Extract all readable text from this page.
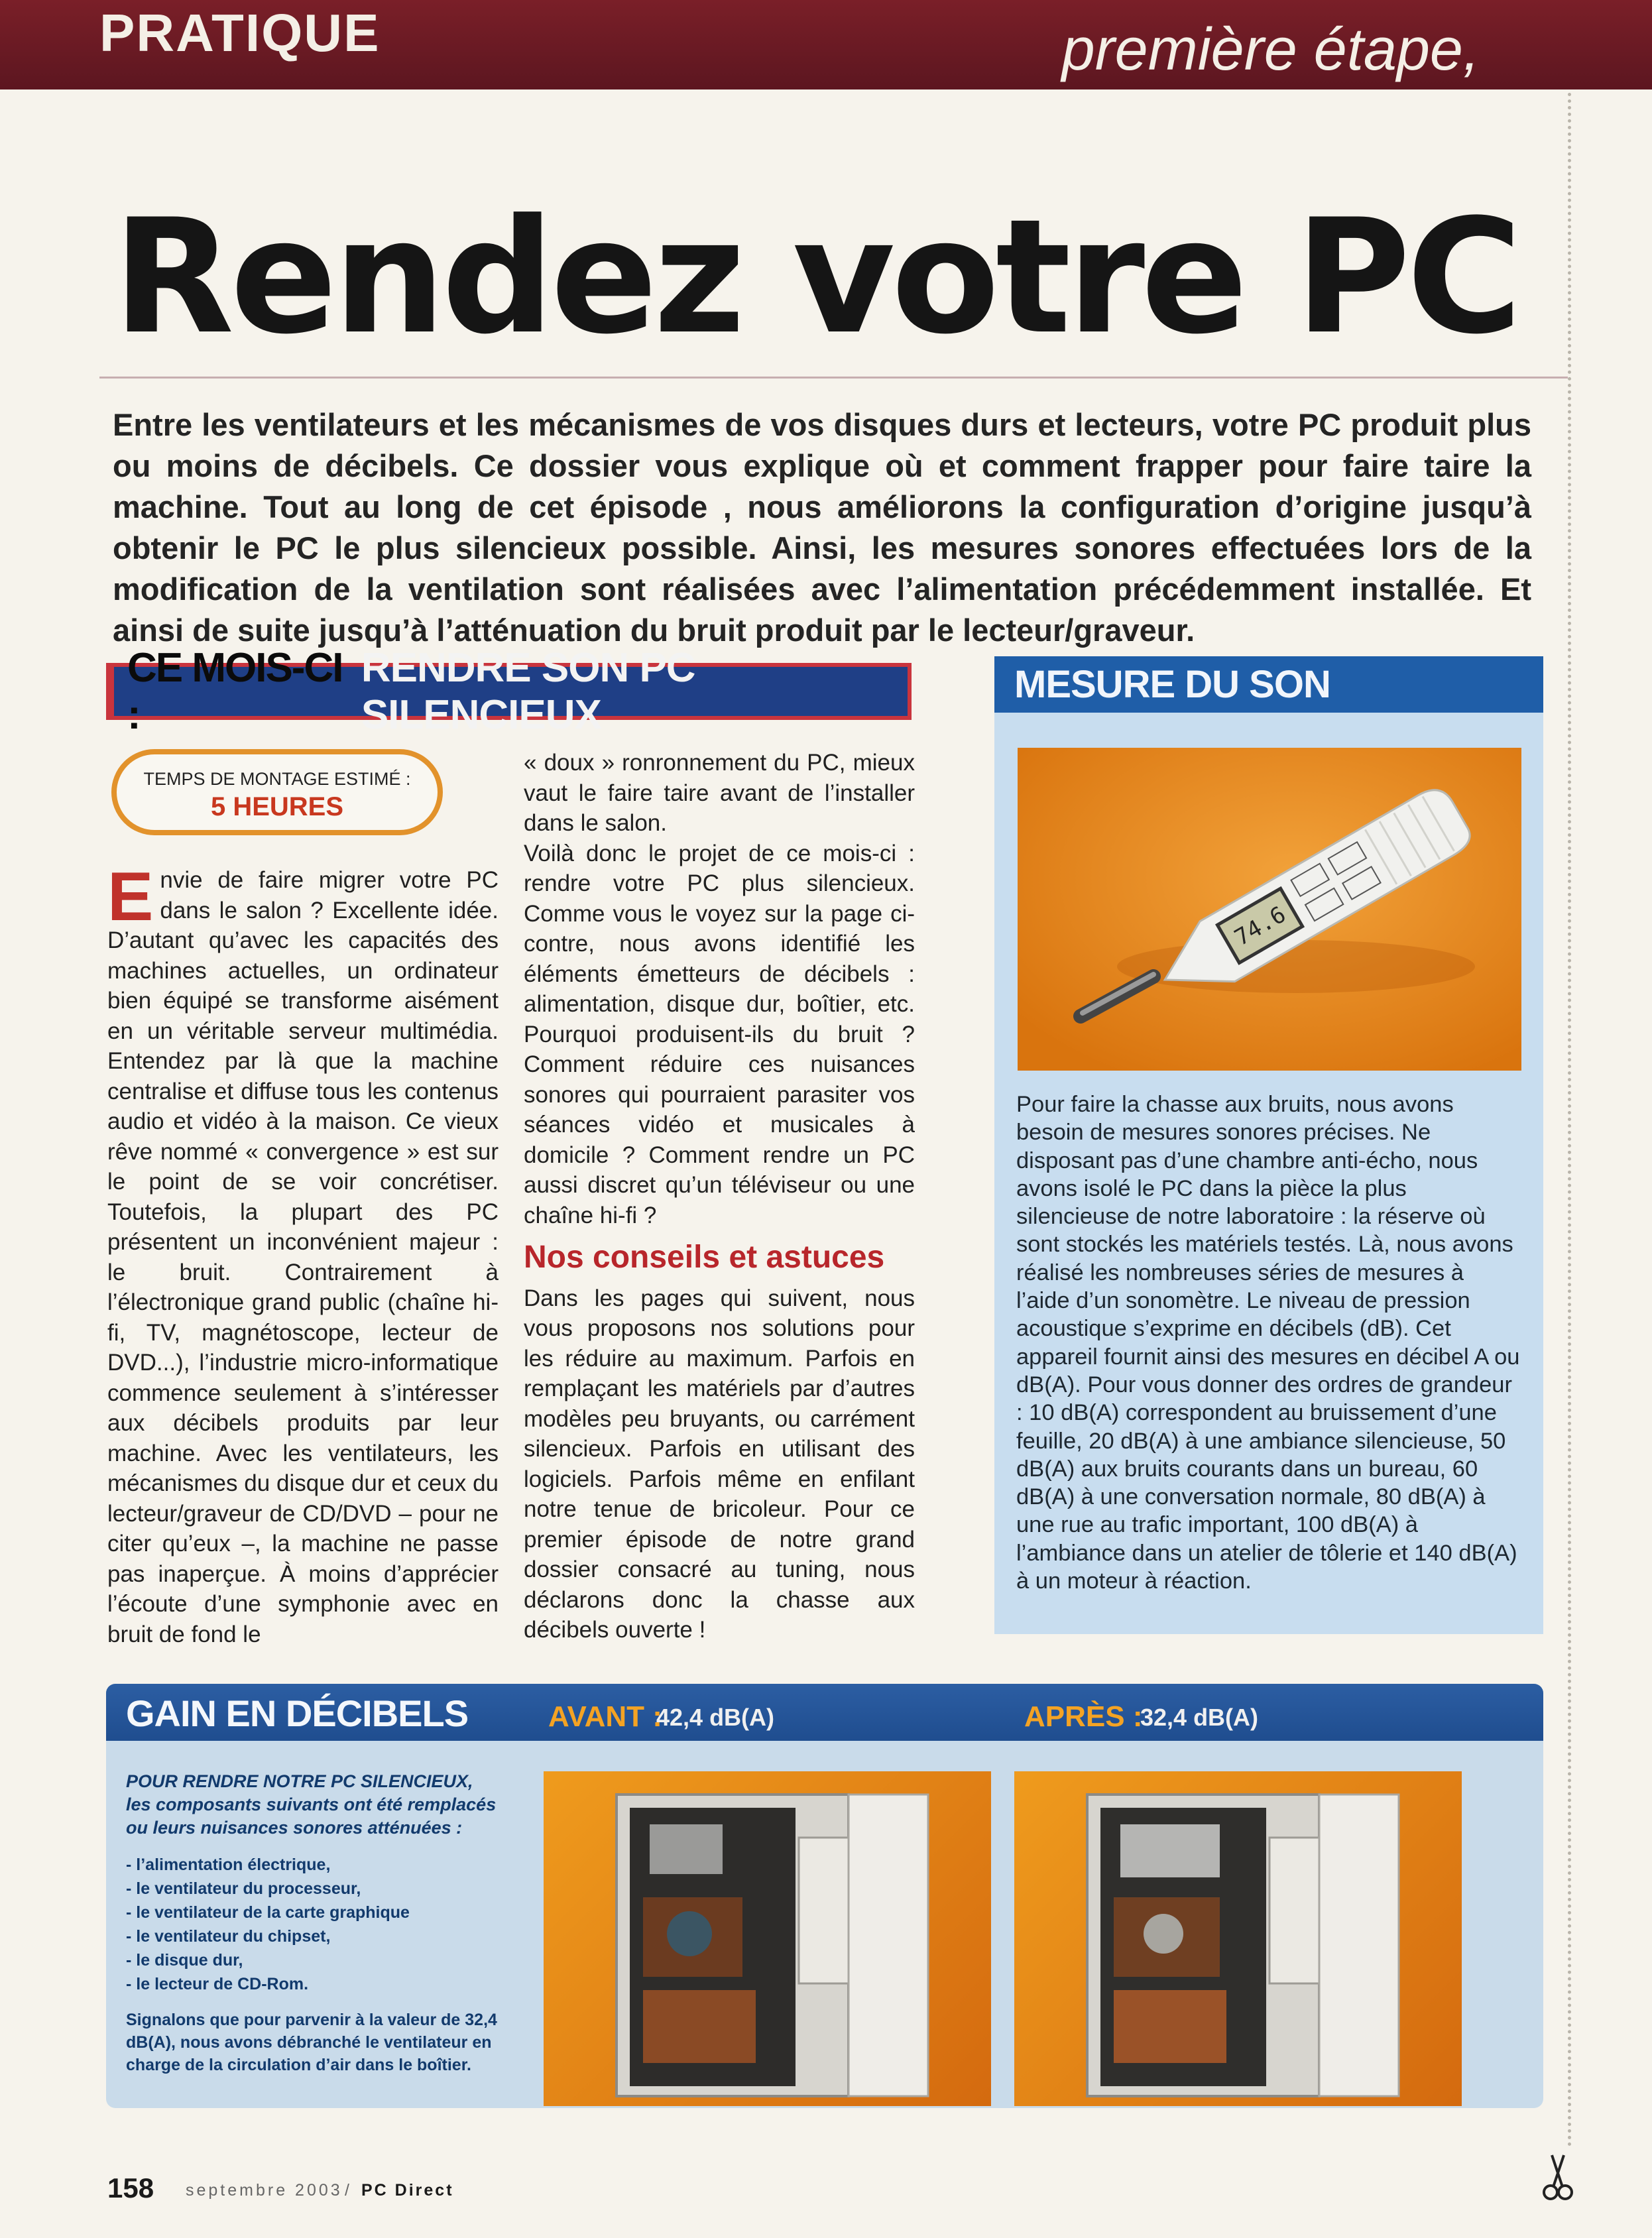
PRATIQUE	première étape,
Rendez votre PC
Entre les ventilateurs et les mécanismes de vos disques durs et lecteurs, votre PC produit plus ou moins de décibels. Ce dossier vous explique où et comment frapper pour faire taire la machine. Tout au long de cet épisode , nous améliorons la configuration d’origine jusqu’à obtenir le PC le plus silencieux possible. Ainsi, les mesures sonores effectuées lors de la modification de la ventilation sont réalisées avec l’alimentation précédemment installée. Et ainsi de suite jusqu’à l’atténuation du bruit produit par le lecteur/graveur.
CE MOIS-CI :
RENDRE SON PC SILENCIEUX
TEMPS DE MONTAGE ESTIMÉ :
5 HEURES
E nvie de faire migrer votre PC dans le salon ? Excellente idée. D’autant qu’avec les capacités des machines actuelles, un ordinateur bien équipé se transforme aisément en un véritable serveur multimédia. Entendez par là que la machine centralise et diffuse tous les contenus audio et vidéo à la maison. Ce vieux rêve nommé « convergence » est sur le point de se voir concrétiser. Toutefois, la plupart des PC présentent un inconvénient majeur : le bruit. Contrairement à l’électronique grand public (chaîne hi-fi, TV, magnétoscope, lecteur de DVD...), l’industrie micro-informatique commence seulement à s’intéresser aux décibels produits par leur machine. Avec les ventilateurs, les mécanismes du disque dur et ceux du lecteur/graveur de CD/DVD – pour ne citer qu’eux –, la machine ne passe pas inaperçue. À moins d’apprécier l’écoute d’une symphonie avec en bruit de fond le
« doux » ronronnement du PC, mieux vaut le faire taire avant de l’installer dans le salon.
Voilà donc le projet de ce mois-ci : rendre votre PC plus silencieux. Comme vous le voyez sur la page ci-contre, nous avons identifié les éléments émetteurs de décibels : alimentation, disque dur, boîtier, etc. Pourquoi produisent-ils du bruit ? Comment réduire ces nuisances sonores qui pourraient parasiter vos séances vidéo et musicales à domicile ? Comment rendre un PC aussi discret qu’un téléviseur ou une chaîne hi-fi ?
Nos conseils et astuces
Dans les pages qui suivent, nous vous proposons nos solutions pour les réduire au maximum. Parfois en remplaçant les matériels par d’autres modèles peu bruyants, ou carrément silencieux. Parfois en utilisant des logiciels. Parfois même en enfilant notre tenue de bricoleur. Pour ce premier épisode de notre grand dossier consacré au tuning, nous déclarons donc la chasse aux décibels ouverte !
MESURE DU SON
74.6
Pour faire la chasse aux bruits, nous avons besoin de mesures sonores précises. Ne disposant pas d’une chambre anti-écho, nous avons isolé le PC dans la pièce la plus silencieuse de notre laboratoire : la réserve où sont stockés les matériels testés. Là, nous avons réalisé les nombreuses séries de mesures à l’aide d’un sonomètre. Le niveau de pression acoustique s’exprime en décibels (dB). Cet appareil fournit ainsi des mesures en décibel A ou dB(A). Pour vous donner des ordres de grandeur : 10 dB(A) correspondent au bruissement d’une feuille, 20 dB(A) à une ambiance silencieuse, 50 dB(A) aux bruits courants dans un bureau, 60 dB(A) à une conversation normale, 80 dB(A) à une rue au trafic important, 100 dB(A) à l’ambiance dans un atelier de tôlerie et 140 dB(A) à un moteur à réaction.
GAIN EN DÉCIBELS	AVANT :
42,4 dB(A)	APRÈS :
32,4 dB(A)
POUR RENDRE NOTRE PC SILENCIEUX, les composants suivants ont été remplacés ou leurs nuisances sonores atténuées :
- l’alimentation électrique,
- le ventilateur du processeur,
- le ventilateur de la carte graphique
- le ventilateur du chipset,
- le disque dur,
- le lecteur de CD-Rom.
Signalons que pour parvenir à la valeur de 32,4 dB(A), nous avons débranché le ventilateur en charge de la circulation d’air dans le boîtier.
158 septembre 2003 / PC Direct
